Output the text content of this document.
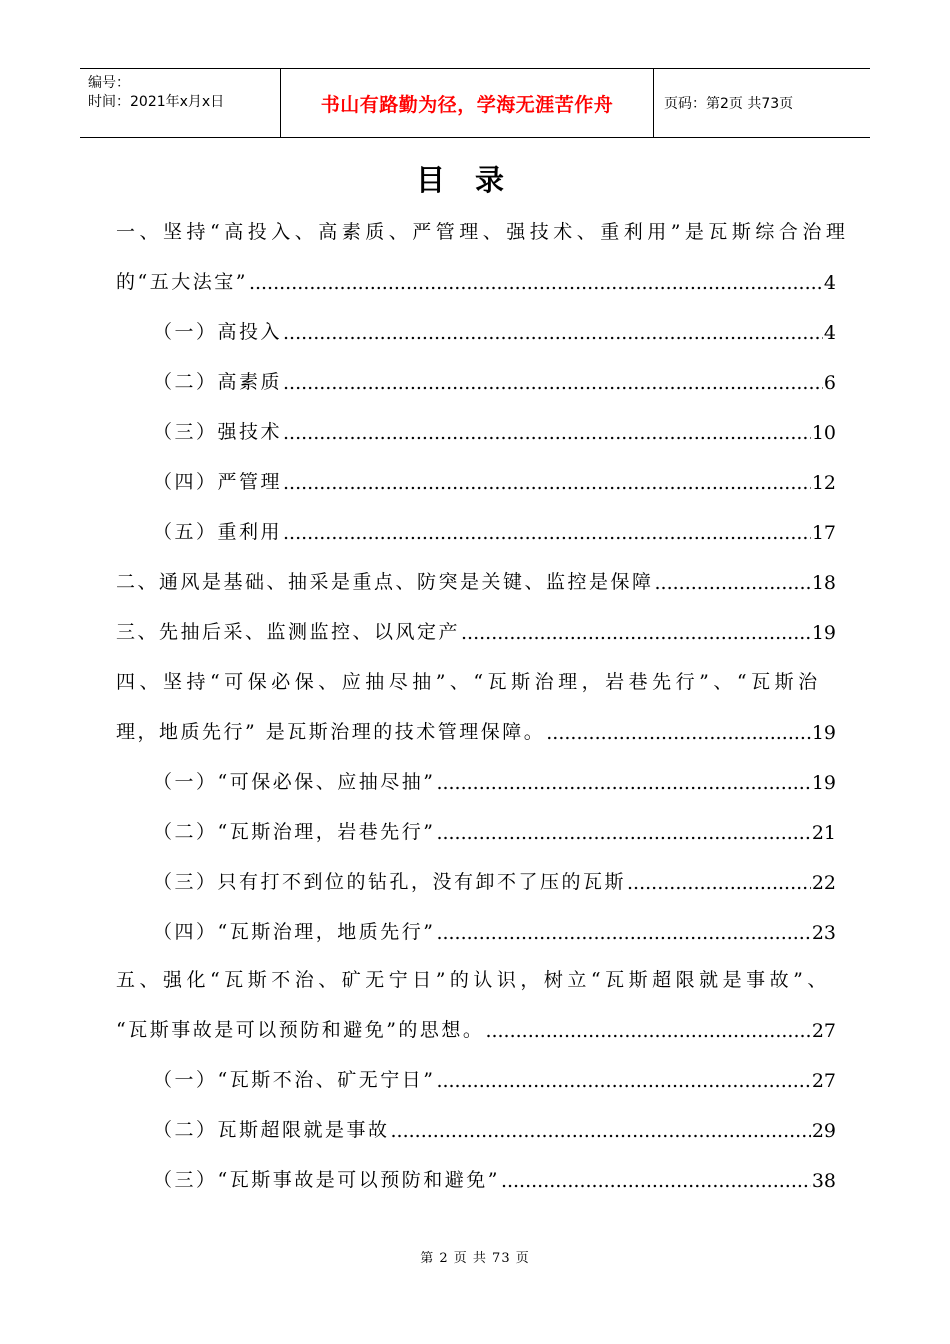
编号：
时间：2021年x月x日	书山有路勤为径，学海无涯苦作舟	页码：第2页 共73页
目录
一、坚持“高投入、高素质、严管理、强技术、重利用”是瓦斯综合治理
的“五大法宝” .....	4
（一）高投入 .....	4
（二）高素质 .....	6
（三）强技术 .....	10
（四）严管理 .....	12
（五）重利用 .....	17
二、通风是基础、抽采是重点、防突是关键、监控是保障 .....	18
三、先抽后采、监测监控、以风定产 .....	19
四、坚持“可保必保、应抽尽抽”、“瓦斯治理，岩巷先行”、“瓦斯治
理，地质先行” 是瓦斯治理的技术管理保障。 .....	19
（一）“可保必保、应抽尽抽” .....	19
（二）“瓦斯治理，岩巷先行” .....	21
（三）只有打不到位的钻孔，没有卸不了压的瓦斯 .....	22
（四）“瓦斯治理，地质先行” .....	23
五、强化“瓦斯不治、矿无宁日”的认识，树立“瓦斯超限就是事故”、
“瓦斯事故是可以预防和避免”的思想。 .....	27
（一）“瓦斯不治、矿无宁日” .....	27
（二）瓦斯超限就是事故 .....	29
（三）“瓦斯事故是可以预防和避免” .....	38
第 2 页 共 73 页
